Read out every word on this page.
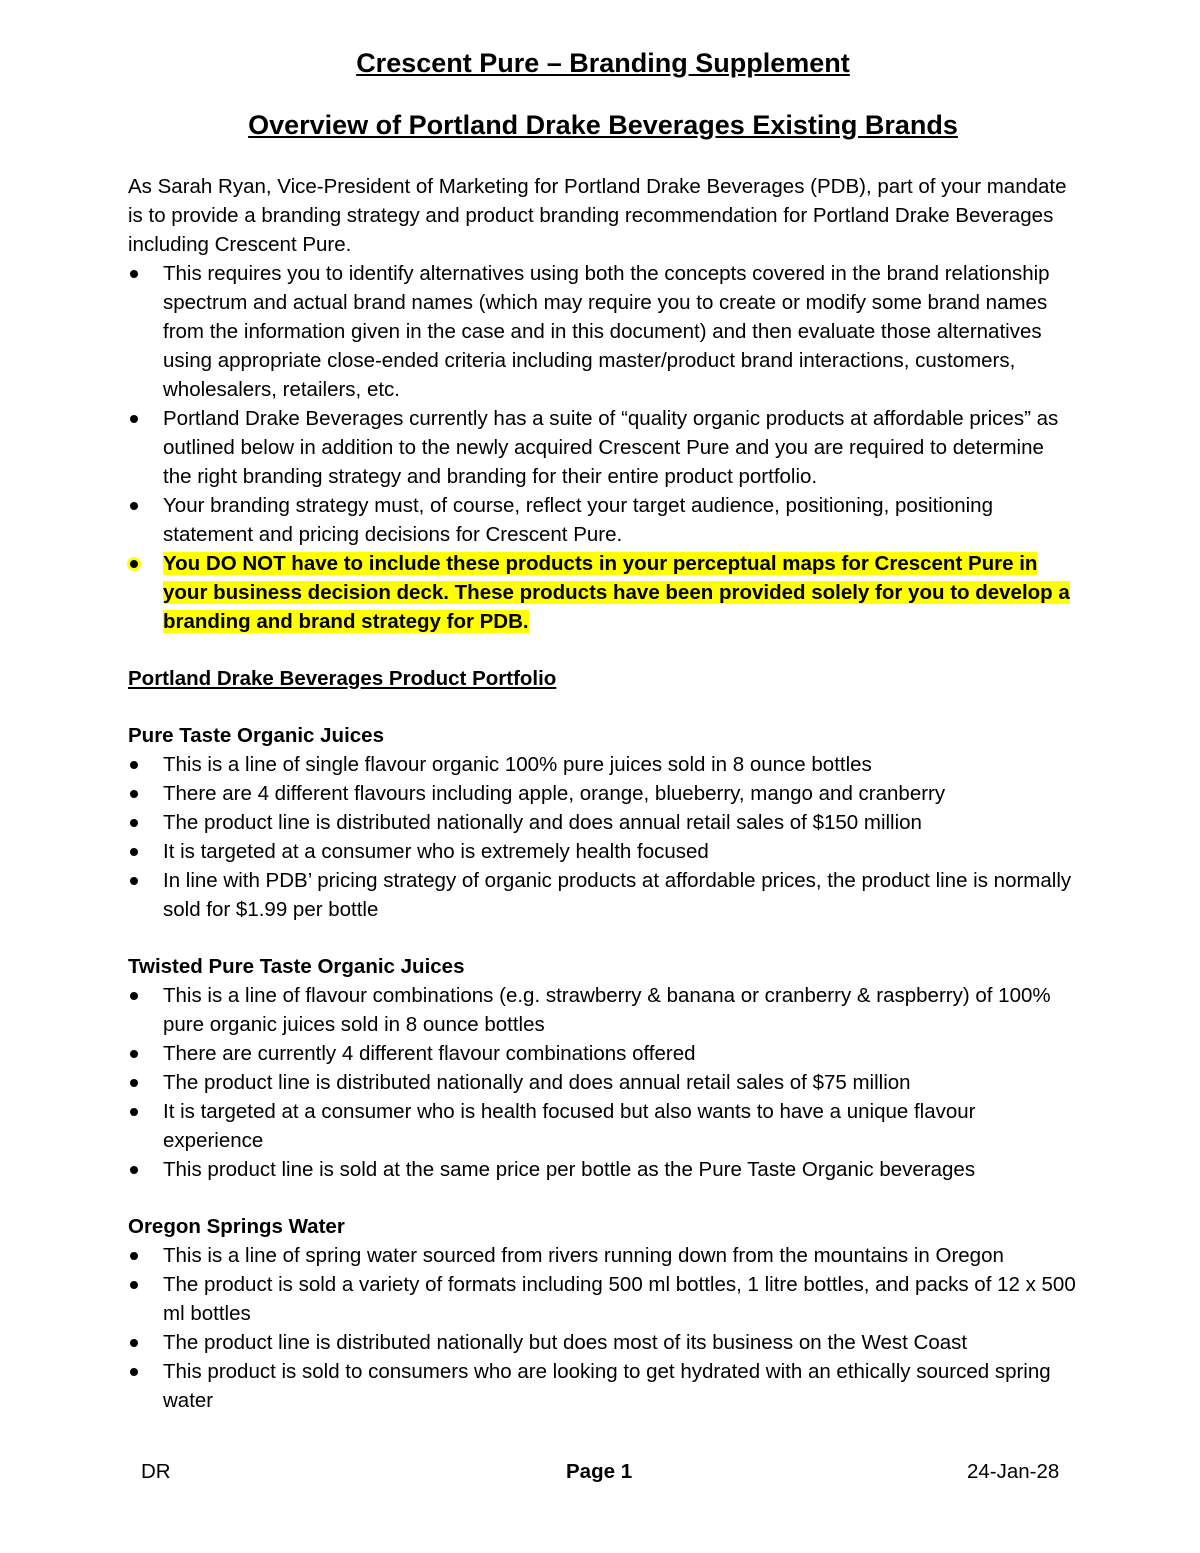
Crescent Pure – Branding Supplement
Overview of Portland Drake Beverages Existing Brands

As Sarah Ryan, Vice-President of Marketing for Portland Drake Beverages (PDB), part of your mandate is to provide a branding strategy and product branding recommendation for Portland Drake Beverages including Crescent Pure.

This requires you to identify alternatives using both the concepts covered in the brand relationship spectrum and actual brand names (which may require you to create or modify some brand names from the information given in the case and in this document) and then evaluate those alternatives using appropriate close-ended criteria including master/product brand interactions, customers, wholesalers, retailers, etc.
Portland Drake Beverages currently has a suite of “quality organic products at affordable prices” as outlined below in addition to the newly acquired Crescent Pure and you are required to determine the right branding strategy and branding for their entire product portfolio.
Your branding strategy must, of course, reflect your target audience, positioning, positioning statement and pricing decisions for Crescent Pure.
You DO NOT have to include these products in your perceptual maps for Crescent Pure in your business decision deck. These products have been provided solely for you to develop a branding and brand strategy for PDB.

Portland Drake Beverages Product Portfolio

Pure Taste Organic Juices

This is a line of single flavour organic 100% pure juices sold in 8 ounce bottles
There are 4 different flavours including apple, orange, blueberry, mango and cranberry
The product line is distributed nationally and does annual retail sales of $150 million
It is targeted at a consumer who is extremely health focused
In line with PDB’ pricing strategy of organic products at affordable prices, the product line is normally sold for $1.99 per bottle

Twisted Pure Taste Organic Juices

This is a line of flavour combinations (e.g. strawberry & banana or cranberry & raspberry) of 100% pure organic juices sold in 8 ounce bottles
There are currently 4 different flavour combinations offered
The product line is distributed nationally and does annual retail sales of $75 million
It is targeted at a consumer who is health focused but also wants to have a unique flavour experience
This product line is sold at the same price per bottle as the Pure Taste Organic beverages

Oregon Springs Water

This is a line of spring water sourced from rivers running down from the mountains in Oregon
The product is sold a variety of formats including 500 ml bottles, 1 litre bottles, and packs of 12 x 500 ml bottles
The product line is distributed nationally but does most of its business on the West Coast
This product is sold to consumers who are looking to get hydrated with an ethically sourced spring water
DR	Page 1	24-Jan-28
